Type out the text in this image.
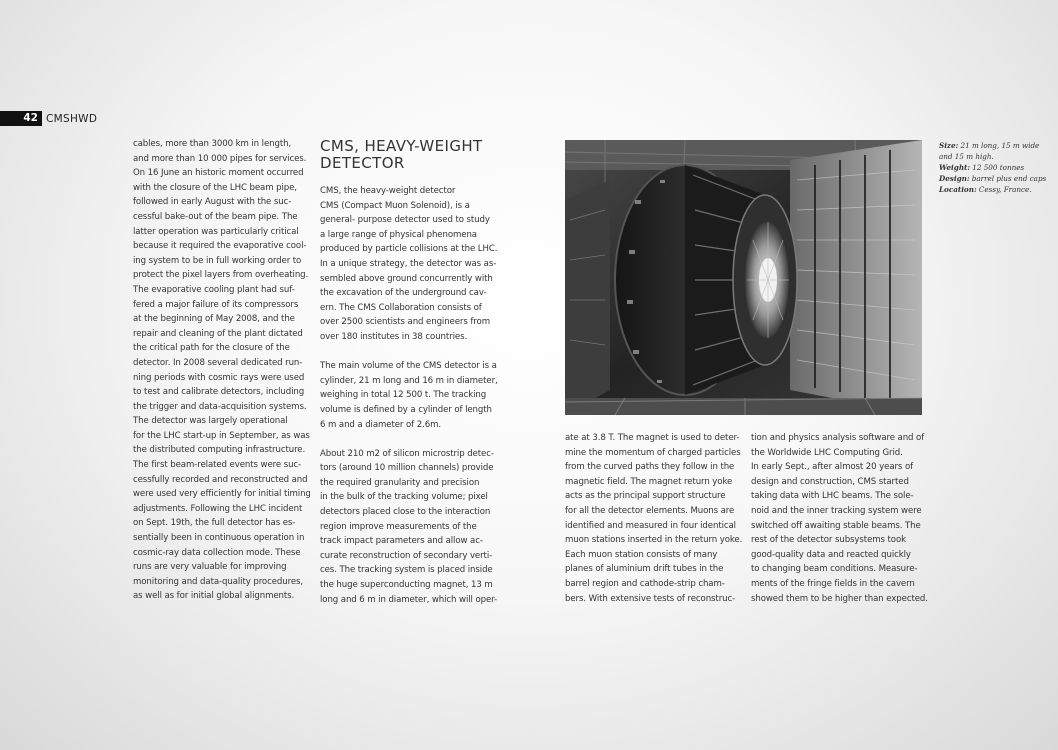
42 CMSHWD

cables, more than 3000 km in length,

and more than 10 000 pipes for services.

On 16 June an historic moment occurred

with the closure of the LHC beam pipe,

followed in early August with the suc-

cessful bake-out of the beam pipe. The

latter operation was particularly critical

because it required the evaporative cool-

ing system to be in full working order to

protect the pixel layers from overheating.

The evaporative cooling plant had suf-

fered a major failure of its compressors

at the beginning of May 2008, and the

repair and cleaning of the plant dictated

the critical path for the closure of the

detector. In 2008 several dedicated run-

ning periods with cosmic rays were used

to test and calibrate detectors, including

the trigger and data-acquisition systems.

The detector was largely operational

for the LHC start-up in September, as was

the distributed computing infrastructure.

The first beam-related events were suc-

cessfully recorded and reconstructed and

were used very efficiently for initial timing

adjustments. Following the LHC incident

on Sept. 19th, the full detector has es-

sentially been in continuous operation in

cosmic-ray data collection mode. These

runs are very valuable for improving

monitoring and data-quality procedures,

as well as for initial global alignments.

CMS, HEAVY-WEIGHT
DETECTOR

CMS, the heavy-weight detector

CMS (Compact Muon Solenoid), is a

general- purpose detector used to study

a large range of physical phenomena

produced by particle collisions at the LHC.

In a unique strategy, the detector was as-

sembled above ground concurrently with

the excavation of the underground cav-

ern. The CMS Collaboration consists of

over 2500 scientists and engineers from

over 180 institutes in 38 countries.

The main volume of the CMS detector is a

cylinder, 21 m long and 16 m in diameter,

weighing in total 12 500 t. The tracking

volume is defined by a cylinder of length

6 m and a diameter of 2.6m.

About 210 m2 of silicon microstrip detec-

tors (around 10 million channels) provide

the required granularity and precision

in the bulk of the tracking volume; pixel

detectors placed close to the interaction

region improve measurements of the

track impact parameters and allow ac-

curate reconstruction of secondary verti-

ces. The tracking system is placed inside

the huge superconducting magnet, 13 m

long and 6 m in diameter, which will oper-

Size: 21 m long, 15 m wide

and 15 m high.

Weight: 12 500 tonnes

Design: barrel plus end caps

Location: Cessy, France.

ate at 3.8 T. The magnet is used to deter-

mine the momentum of charged particles

from the curved paths they follow in the

magnetic field. The magnet return yoke

acts as the principal support structure

for all the detector elements. Muons are

identified and measured in four identical

muon stations inserted in the return yoke.

Each muon station consists of many

planes of aluminium drift tubes in the

barrel region and cathode-strip cham-

bers. With extensive tests of reconstruc-

tion and physics analysis software and of

the Worldwide LHC Computing Grid.

In early Sept., after almost 20 years of

design and construction, CMS started

taking data with LHC beams. The sole-

noid and the inner tracking system were

switched off awaiting stable beams. The

rest of the detector subsystems took

good-quality data and reacted quickly

to changing beam conditions. Measure-

ments of the fringe fields in the cavern

showed them to be higher than expected.
